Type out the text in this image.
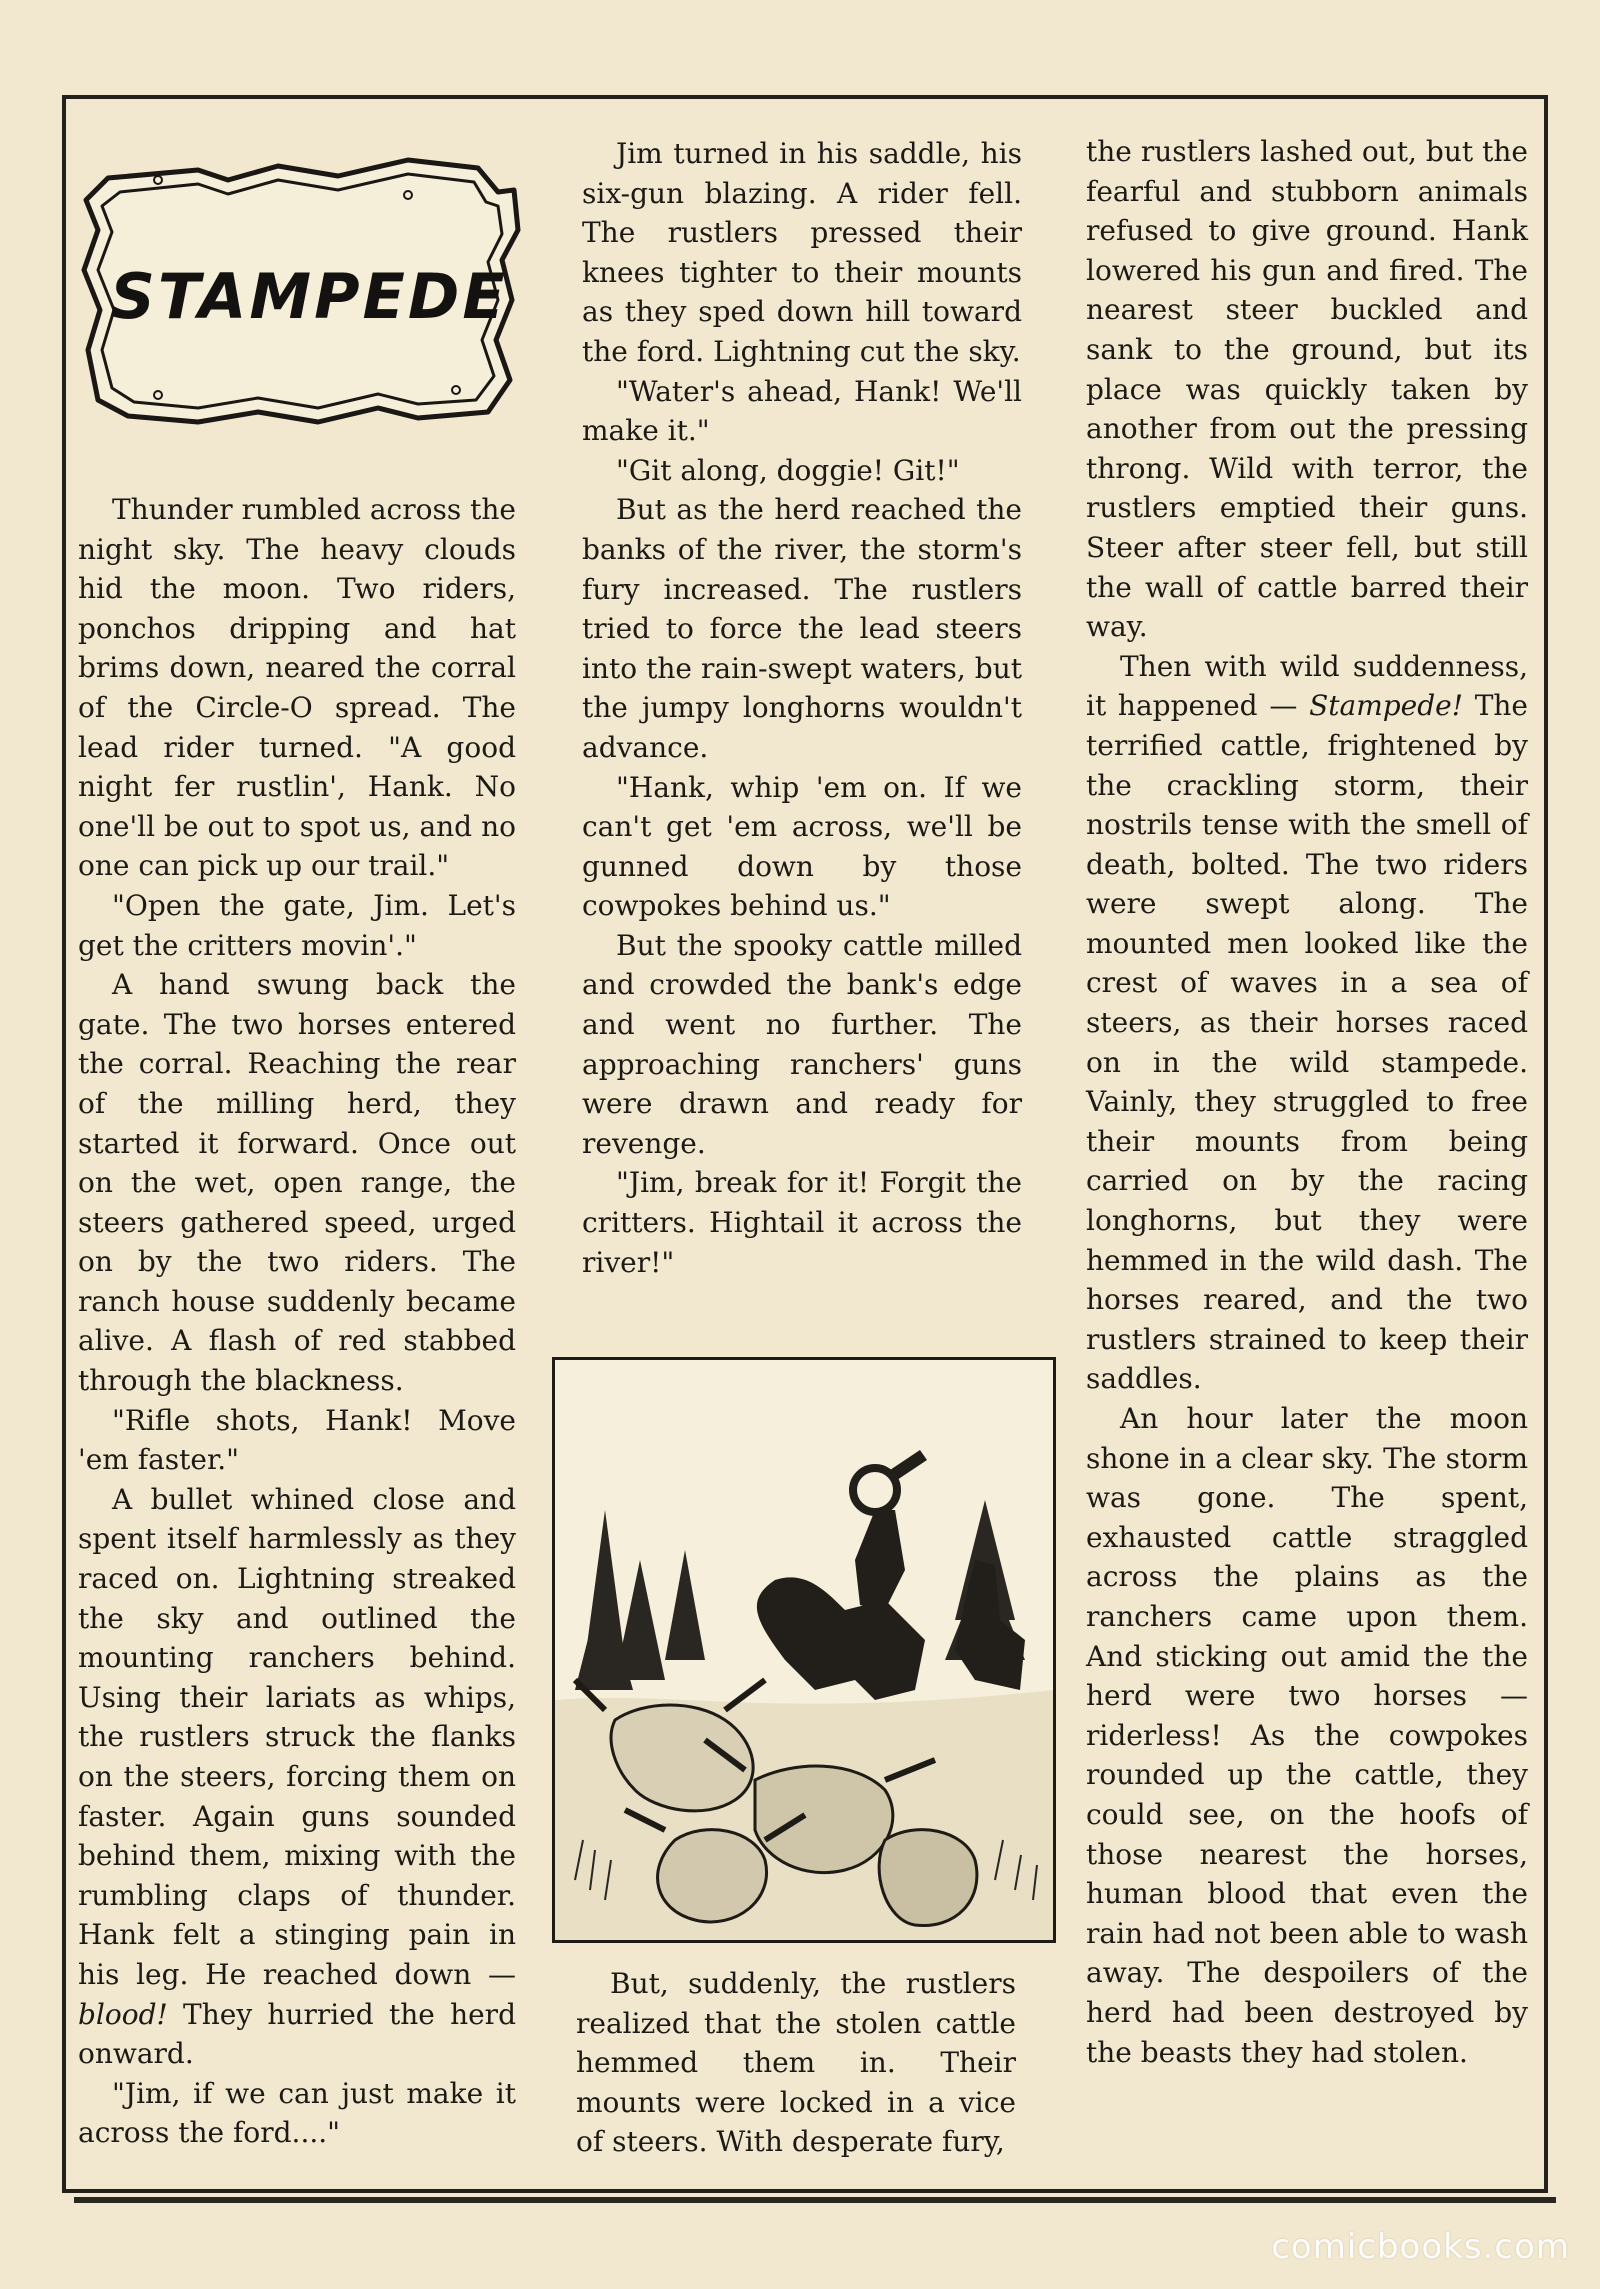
STAMPEDE

Thunder rumbled across the night sky. The heavy clouds hid the moon. Two riders, ponchos dripping and hat brims down, neared the corral of the Circle-O spread. The lead rider turned. "A good night fer rustlin', Hank. No one'll be out to spot us, and no one can pick up our trail."

"Open the gate, Jim. Let's get the critters movin'."

A hand swung back the gate. The two horses entered the corral. Reaching the rear of the milling herd, they started it forward. Once out on the wet, open range, the steers gathered speed, urged on by the two riders. The ranch house suddenly became alive. A flash of red stabbed through the blackness.

"Rifle shots, Hank! Move 'em faster."

A bullet whined close and spent itself harmlessly as they raced on. Lightning streaked the sky and outlined the mounting ranchers behind. Using their lariats as whips, the rustlers struck the flanks on the steers, forcing them on faster. Again guns sounded behind them, mixing with the rumbling claps of thunder. Hank felt a stinging pain in his leg. He reached down — blood! They hurried the herd onward.

"Jim, if we can just make it across the ford...."

Jim turned in his saddle, his six-gun blazing. A rider fell. The rustlers pressed their knees tighter to their mounts as they sped down hill toward the ford. Lightning cut the sky.

"Water's ahead, Hank! We'll make it."

"Git along, doggie! Git!"

But as the herd reached the banks of the river, the storm's fury increased. The rustlers tried to force the lead steers into the rain-swept waters, but the jumpy longhorns wouldn't advance.

"Hank, whip 'em on. If we can't get 'em across, we'll be gunned down by those cowpokes behind us."

But the spooky cattle milled and crowded the bank's edge and went no further. The approaching ranchers' guns were drawn and ready for revenge.

"Jim, break for it! Forgit the critters. Hightail it across the river!"

But, suddenly, the rustlers realized that the stolen cattle hemmed them in. Their mounts were locked in a vice of steers. With desperate fury,

the rustlers lashed out, but the fearful and stubborn animals refused to give ground. Hank lowered his gun and fired. The nearest steer buckled and sank to the ground, but its place was quickly taken by another from out the pressing throng. Wild with terror, the rustlers emptied their guns. Steer after steer fell, but still the wall of cattle barred their way.

Then with wild suddenness, it happened — Stampede! The terrified cattle, frightened by the crackling storm, their nostrils tense with the smell of death, bolted. The two riders were swept along. The mounted men looked like the crest of waves in a sea of steers, as their horses raced on in the wild stampede. Vainly, they struggled to free their mounts from being carried on by the racing longhorns, but they were hemmed in the wild dash. The horses reared, and the two rustlers strained to keep their saddles.

An hour later the moon shone in a clear sky. The storm was gone. The spent, exhausted cattle straggled across the plains as the ranchers came upon them. And sticking out amid the the herd were two horses — riderless! As the cowpokes rounded up the cattle, they could see, on the hoofs of those nearest the horses, human blood that even the rain had not been able to wash away. The despoilers of the herd had been destroyed by the beasts they had stolen.

comicbooks.com
